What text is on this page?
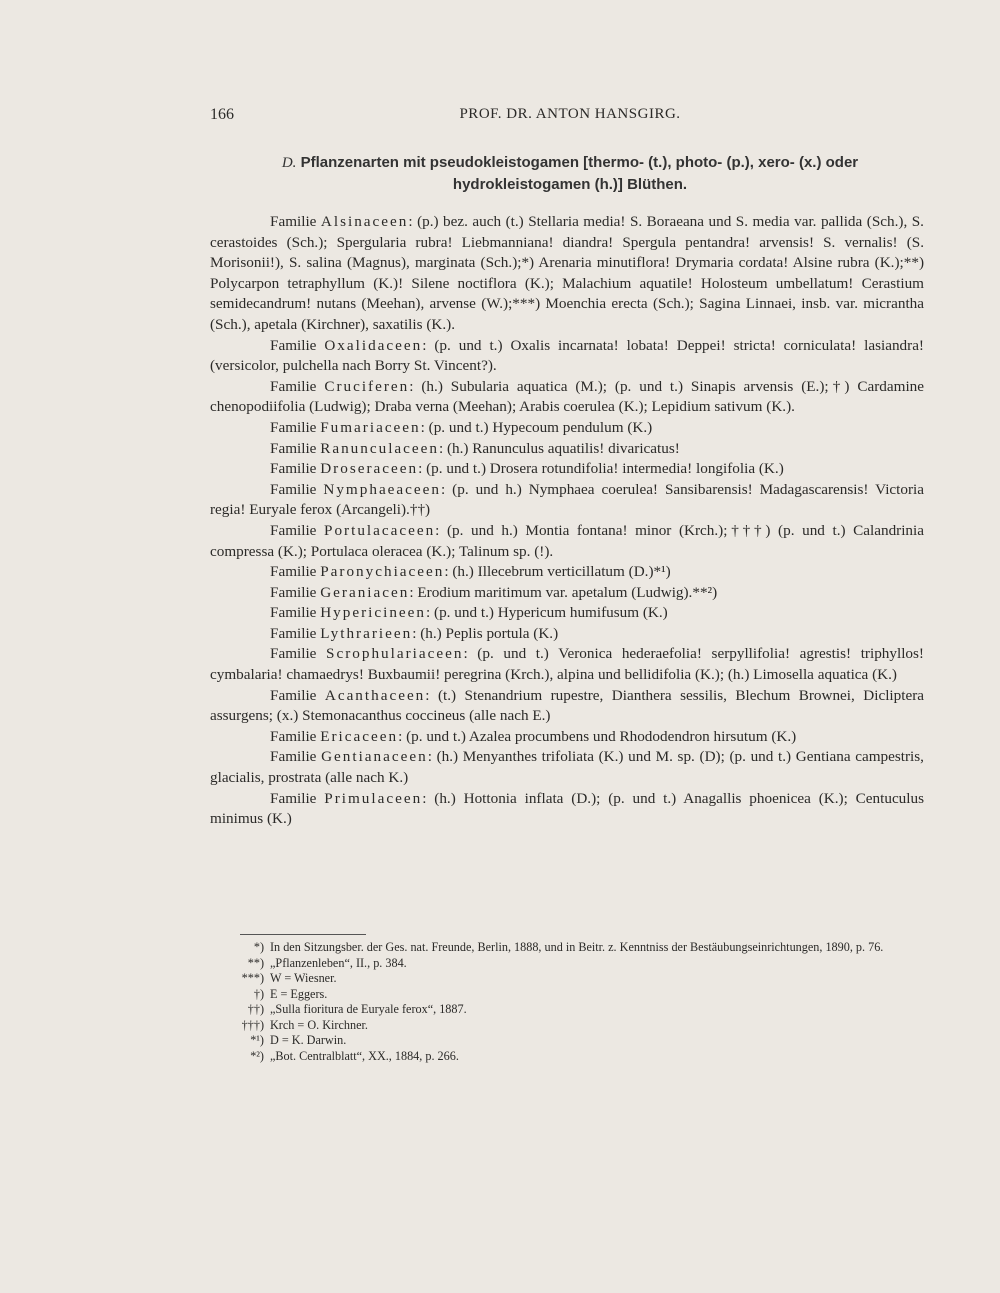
166	PROF. DR. ANTON HANSGIRG.
D. Pflanzenarten mit pseudokleistogamen [thermo- (t.), photo- (p.), xero- (x.) oder
hydrokleistogamen (h.)] Blüthen.

Familie Alsinaceen: (p.) bez. auch (t.) Stellaria media! S. Boraeana und S. media var. pallida (Sch.), S. cerastoides (Sch.); Spergularia rubra! Liebmanniana! diandra! Spergula pentandra! arvensis! S. vernalis! (S. Morisonii!), S. salina (Magnus), marginata (Sch.);*) Arenaria minutiflora! Drymaria cordata! Alsine rubra (K.);**) Polycarpon tetraphyllum (K.)! Silene noctiflora (K.); Malachium aquatile! Holosteum umbellatum! Cerastium semidecandrum! nutans (Meehan), arvense (W.);***) Moenchia erecta (Sch.); Sagina Linnaei, insb. var. micrantha (Sch.), apetala (Kirchner), saxatilis (K.).

Familie Oxalidaceen: (p. und t.) Oxalis incarnata! lobata! Deppei! stricta! corniculata! lasiandra! (versicolor, pulchella nach Borry St. Vincent?).

Familie Cruciferen: (h.) Subularia aquatica (M.); (p. und t.) Sinapis arvensis (E.);†) Cardamine chenopodiifolia (Ludwig); Draba verna (Meehan); Arabis coerulea (K.); Lepidium sativum (K.).

Familie Fumariaceen: (p. und t.) Hypecoum pendulum (K.)

Familie Ranunculaceen: (h.) Ranunculus aquatilis! divaricatus!

Familie Droseraceen: (p. und t.) Drosera rotundifolia! intermedia! longifolia (K.)

Familie Nymphaeaceen: (p. und h.) Nymphaea coerulea! Sansibarensis! Madagascarensis! Victoria regia! Euryale ferox (Arcangeli).††)

Familie Portulacaceen: (p. und h.) Montia fontana! minor (Krch.);†††) (p. und t.) Calandrinia compressa (K.); Portulaca oleracea (K.); Talinum sp. (!).

Familie Paronychiaceen: (h.) Illecebrum verticillatum (D.)*¹)

Familie Geraniacen: Erodium maritimum var. apetalum (Ludwig).**²)

Familie Hypericineen: (p. und t.) Hypericum humifusum (K.)

Familie Lythrarieen: (h.) Peplis portula (K.)

Familie Scrophulariaceen: (p. und t.) Veronica hederaefolia! serpyllifolia! agrestis! triphyllos! cymbalaria! chamaedrys! Buxbaumii! peregrina (Krch.), alpina und bellidifolia (K.); (h.) Limosella aquatica (K.)

Familie Acanthaceen: (t.) Stenandrium rupestre, Dianthera sessilis, Blechum Brownei, Dicliptera assurgens; (x.) Stemonacanthus coccineus (alle nach E.)

Familie Ericaceen: (p. und t.) Azalea procumbens und Rhododendron hirsutum (K.)

Familie Gentianaceen: (h.) Menyanthes trifoliata (K.) und M. sp. (D); (p. und t.) Gentiana campestris, glacialis, prostrata (alle nach K.)

Familie Primulaceen: (h.) Hottonia inflata (D.); (p. und t.) Anagallis phoenicea (K.); Centuculus minimus (K.)

*) In den Sitzungsber. der Ges. nat. Freunde, Berlin, 1888, und in Beitr. z. Kenntniss der Bestäubungseinrichtungen, 1890, p. 76.
**) „Pflanzenleben“, II., p. 384.
***) W = Wiesner.
†) E = Eggers.
††) „Sulla fioritura de Euryale ferox“, 1887.
†††) Krch = O. Kirchner.
*¹) D = K. Darwin.
*²) „Bot. Centralblatt“, XX., 1884, p. 266.
